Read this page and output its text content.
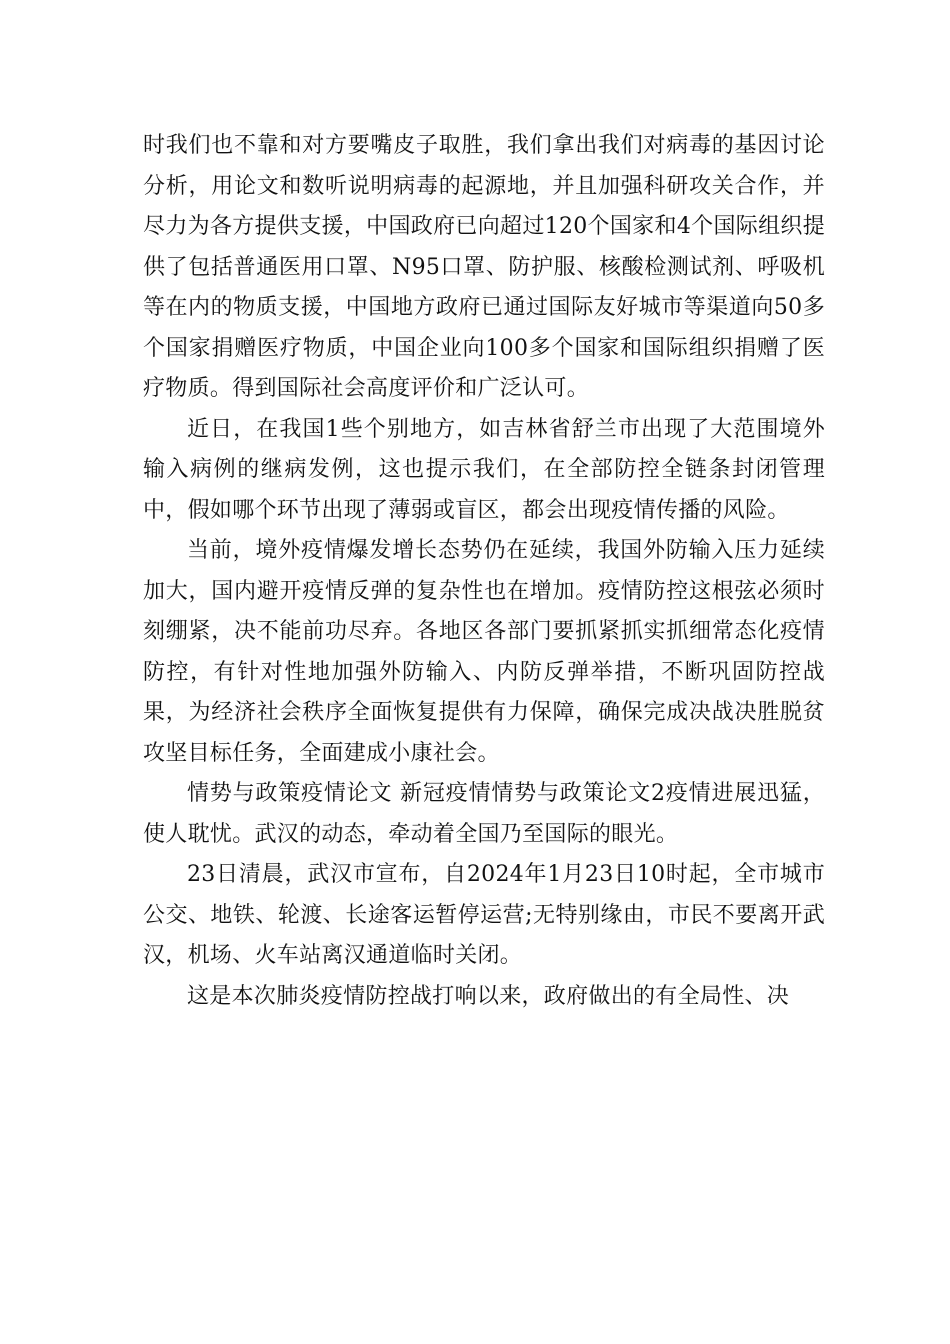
时我们也不靠和对方要嘴皮子取胜，我们拿出我们对病毒的基因讨论分析，用论文和数听说明病毒的起源地，并且加强科研攻关合作，并尽力为各方提供支援，中国政府已向超过120个国家和4个国际组织提供了包括普通医用口罩、N95口罩、防护服、核酸检测试剂、呼吸机等在内的物质支援，中国地方政府已通过国际友好城市等渠道向50多个国家捐赠医疗物质，中国企业向100多个国家和国际组织捐赠了医疗物质。得到国际社会高度评价和广泛认可。

近日，在我国1些个别地方，如吉林省舒兰市出现了大范围境外输入病例的继病发例，这也提示我们，在全部防控全链条封闭管理中，假如哪个环节出现了薄弱或盲区，都会出现疫情传播的风险。

当前，境外疫情爆发增长态势仍在延续，我国外防输入压力延续加大，国内避开疫情反弹的复杂性也在增加。疫情防控这根弦必须时刻绷紧，决不能前功尽弃。各地区各部门要抓紧抓实抓细常态化疫情防控，有针对性地加强外防输入、内防反弹举措，不断巩固防控战果，为经济社会秩序全面恢复提供有力保障，确保完成决战决胜脱贫攻坚目标任务，全面建成小康社会。

情势与政策疫情论文 新冠疫情情势与政策论文2疫情进展迅猛，使人耽忧。武汉的动态，牵动着全国乃至国际的眼光。

23日清晨，武汉市宣布，自2024年1月23日10时起，全市城市公交、地铁、轮渡、长途客运暂停运营;无特别缘由，市民不要离开武汉，机场、火车站离汉通道临时关闭。

这是本次肺炎疫情防控战打响以来，政府做出的有全局性、决
